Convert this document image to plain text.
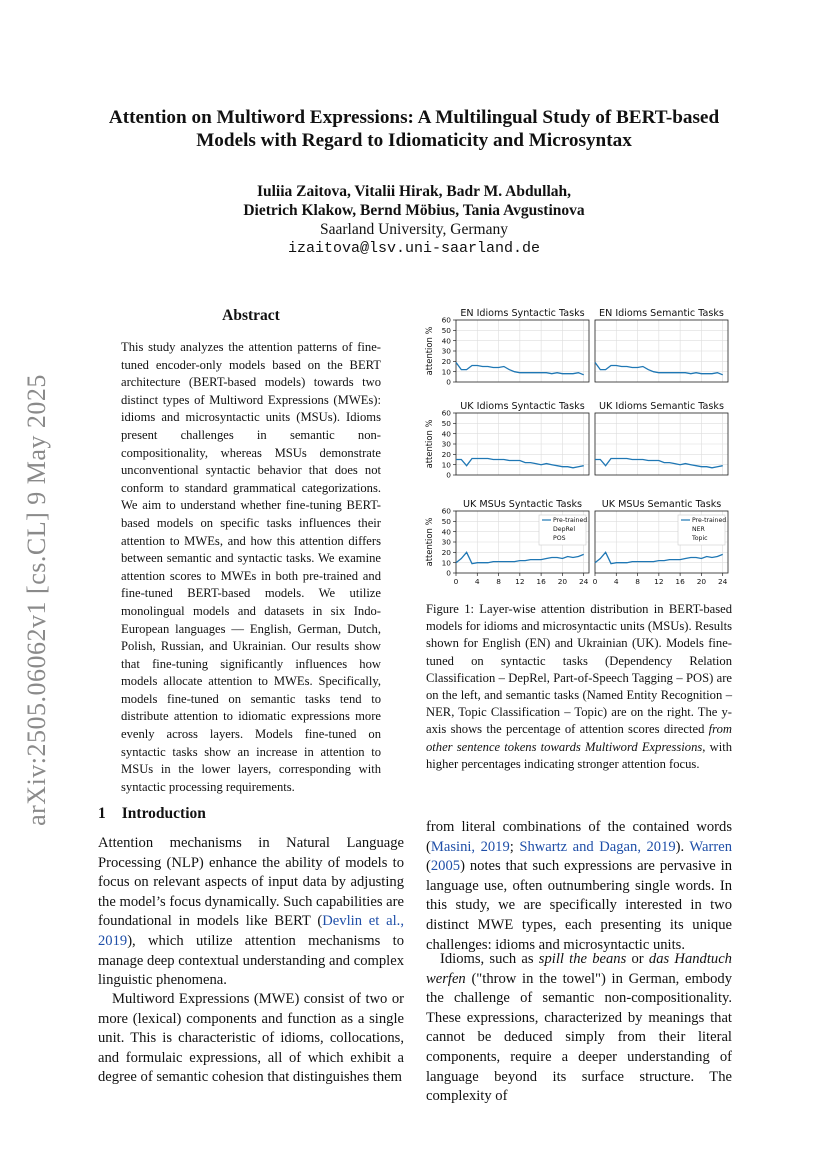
arXiv:2505.06062v1 [cs.CL] 9 May 2025
Attention on Multiword Expressions: A Multilingual Study of BERT-based
Models with Regard to Idiomaticity and Microsyntax
Iuliia Zaitova, Vitalii Hirak, Badr M. Abdullah,
Dietrich Klakow, Bernd Möbius, Tania Avgustinova
Saarland University, Germany
izaitova@lsv.uni-saarland.de
Abstract
This study analyzes the attention patterns of fine-tuned encoder-only models based on the BERT architecture (BERT-based models) towards two distinct types of Multiword Expressions (MWEs): idioms and microsyntactic units (MSUs). Idioms present challenges in semantic non-compositionality, whereas MSUs demonstrate unconventional syntactic behavior that does not conform to standard grammatical categorizations. We aim to understand whether fine-tuning BERT-based models on specific tasks influences their attention to MWEs, and how this attention differs between semantic and syntactic tasks. We examine attention scores to MWEs in both pre-trained and fine-tuned BERT-based models. We utilize monolingual models and datasets in six Indo-European languages — English, German, Dutch, Polish, Russian, and Ukrainian. Our results show that fine-tuning significantly influences how models allocate attention to MWEs. Specifically, models fine-tuned on semantic tasks tend to distribute attention to idiomatic expressions more evenly across layers. Models fine-tuned on syntactic tasks show an increase in attention to MSUs in the lower layers, corresponding with syntactic processing requirements.
EN Idioms Syntactic Tasks
0
10
20
30
40
50
60
attention %
EN Idioms Semantic Tasks
UK Idioms Syntactic Tasks
0
10
20
30
40
50
60
attention %
UK Idioms Semantic Tasks
UK MSUs Syntactic Tasks
0
10
20
30
40
50
60
attention %
0 4 8 12 16 20 24
Pre-trained
DepRel
POS
UK MSUs Semantic Tasks
0 4 8 12 16 20 24
Pre-trained
NER
Topic
Figure 1: Layer-wise attention distribution in BERT-based models for idioms and microsyntactic units (MSUs). Results shown for English (EN) and Ukrainian (UK). Models fine-tuned on syntactic tasks (Dependency Relation Classification – DepRel, Part-of-Speech Tagging – POS) are on the left, and semantic tasks (Named Entity Recognition – NER, Topic Classification – Topic) are on the right. The y-axis shows the percentage of attention scores directed from other sentence tokens towards Multiword Expressions, with higher percentages indicating stronger attention focus.
1 Introduction
Attention mechanisms in Natural Language Processing (NLP) enhance the ability of models to focus on relevant aspects of input data by adjusting the model’s focus dynamically. Such capabilities are foundational in models like BERT (Devlin et al., 2019), which utilize attention mechanisms to manage deep contextual understanding and complex linguistic phenomena.
Multiword Expressions (MWE) consist of two or more (lexical) components and function as a single unit. This is characteristic of idioms, collocations, and formulaic expressions, all of which exhibit a degree of semantic cohesion that distinguishes them
from literal combinations of the contained words (Masini, 2019; Shwartz and Dagan, 2019). Warren (2005) notes that such expressions are pervasive in language use, often outnumbering single words. In this study, we are specifically interested in two distinct MWE types, each presenting its unique challenges: idioms and microsyntactic units.
Idioms, such as spill the beans or das Handtuch werfen ("throw in the towel") in German, embody the challenge of semantic non-compositionality. These expressions, characterized by meanings that cannot be deduced simply from their literal components, require a deeper understanding of language beyond its surface structure. The complexity of
